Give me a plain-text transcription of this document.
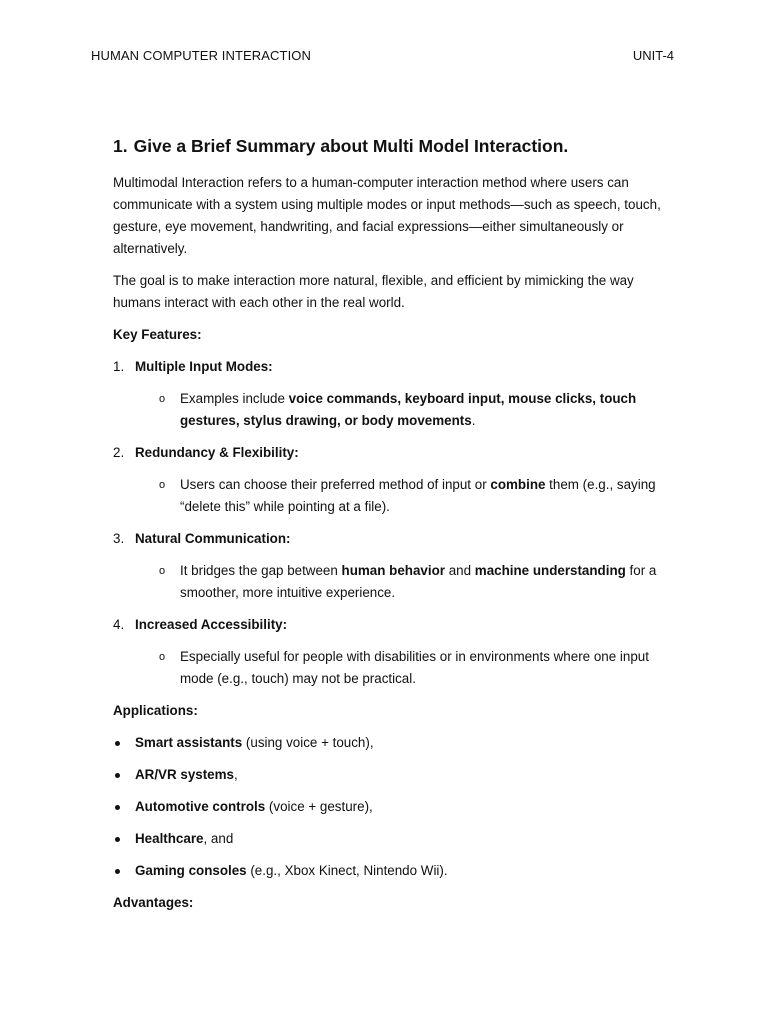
HUMAN COMPUTER INTERACTION	UNIT-4
1. Give a Brief Summary about Multi Model Interaction.

Multimodal Interaction refers to a human-computer interaction method where users can communicate with a system using multiple modes or input methods—such as speech, touch, gesture, eye movement, handwriting, and facial expressions—either simultaneously or alternatively.

The goal is to make interaction more natural, flexible, and efficient by mimicking the way humans interact with each other in the real world.

Key Features:
1. Multiple Input Modes:
o Examples include voice commands, keyboard input, mouse clicks, touch gestures, stylus drawing, or body movements.
2. Redundancy & Flexibility:
o Users can choose their preferred method of input or combine them (e.g., saying “delete this” while pointing at a file).
3. Natural Communication:
o It bridges the gap between human behavior and machine understanding for a smoother, more intuitive experience.
4. Increased Accessibility:
o Especially useful for people with disabilities or in environments where one input mode (e.g., touch) may not be practical.
Applications:
Smart assistants (using voice + touch),
AR/VR systems,
Automotive controls (voice + gesture),
Healthcare, and
Gaming consoles (e.g., Xbox Kinect, Nintendo Wii).
Advantages:
